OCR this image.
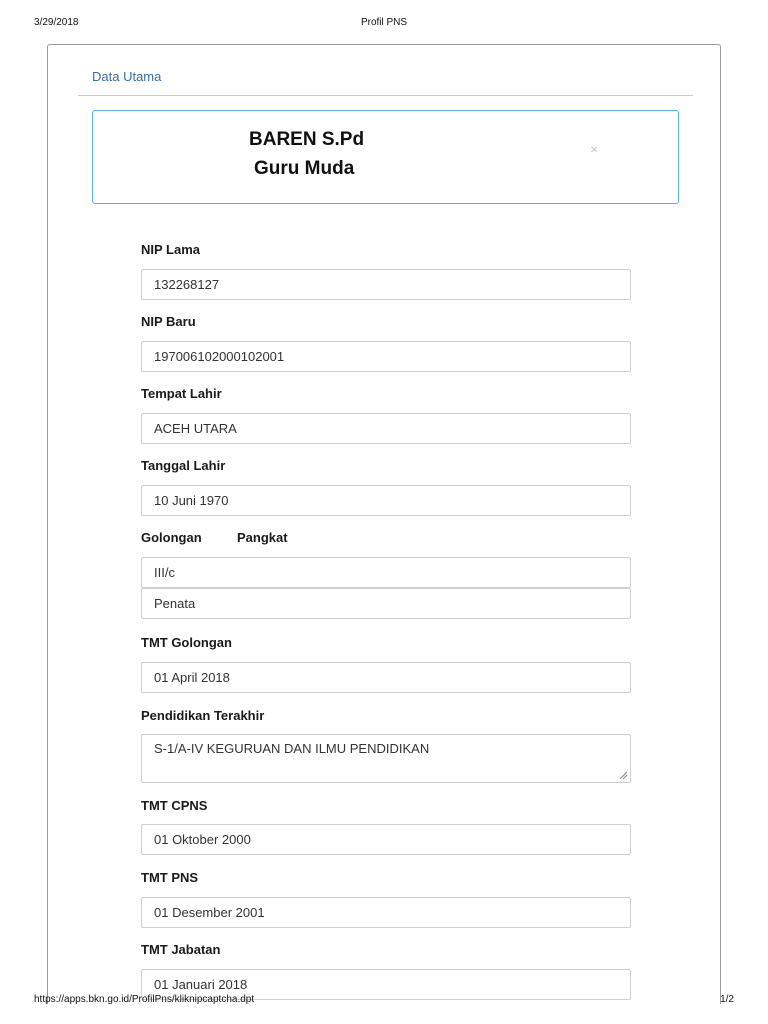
3/29/2018	Profil PNS
Data Utama
BAREN S.Pd
Guru Muda
×
NIP Lama
132268127
NIP Baru
197006102000102001
Tempat Lahir
ACEH UTARA
Tanggal Lahir
10 Juni 1970
Golongan	Pangkat
III/c
Penata
TMT Golongan
01 April 2018
Pendidikan Terakhir
S-1/A-IV KEGURUAN DAN ILMU PENDIDIKAN
TMT CPNS
01 Oktober 2000
TMT PNS
01 Desember 2001
TMT Jabatan
01 Januari 2018
https://apps.bkn.go.id/ProfilPns/kliknipcaptcha.dpt	1/2
